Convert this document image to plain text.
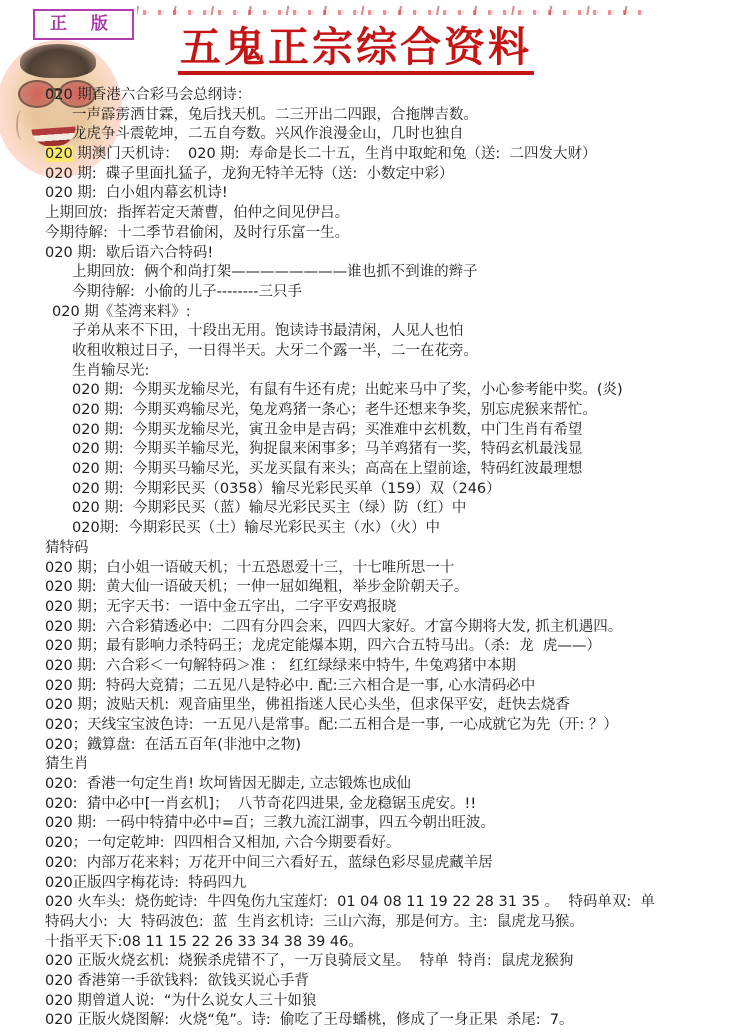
正 版	五鬼正宗综合资料
020 期香港六合彩马会总纲诗：
一声霹雳洒甘霖，兔后找天机。二三开出二四跟，合拖牌吉数。
龙虎争斗震乾坤，二五自夸数。兴风作浪漫金山，几时也独自
020 期澳门天机诗：  020 期:  寿命是长二十五，生肖中取蛇和兔（送:  二四发大财）
020 期:  碟子里面扎猛子，龙狗无特羊无特（送:  小数定中彩）
020 期:  白小姐内幕玄机诗!
上期回放:  指挥若定天萧曹，伯仲之间见伊吕。
今期待解:  十二季节君偷闲，及时行乐富一生。
020 期:  歇后语六合特码!
上期回放:  俩个和尚打架————————谁也抓不到谁的辫子
今期待解:  小偷的儿子--------三只手
020 期《荃湾来料》:
子弟从来不下田，十段出无用。饱读诗书最清闲，人见人也怕
收租收粮过日子，一日得半天。大牙二个露一半，二一在花旁。
生肖输尽光:
020 期:  今期买龙输尽光，有鼠有牛还有虎；出蛇来马中了奖，小心参考能中奖。(炎)
020 期:  今期买鸡输尽光，兔龙鸡猪一条心；老牛还想来争奖，别忘虎猴来帮忙。
020 期:  今期买龙输尽光，寅丑金申是吉码；买准难中玄机数，中门生肖有希望
020 期:  今期买羊输尽光，狗捉鼠来闲事多；马羊鸡猪有一奖，特码玄机最浅显
020 期:  今期买马输尽光，买龙买鼠有来头；高高在上望前途，特码红波最理想
020 期:  今期彩民买（0358）输尽光彩民买单（159）双（246）
020 期:  今期彩民买（蓝）输尽光彩民买主（绿）防（红）中
020期:  今期彩民买（土）输尽光彩民买主（水）（火）中
猜特码
020 期；白小姐一语破天机；十五恐恩爱十三，十七唯所思一十
020 期:  黄大仙一语破天机；一伸一屈如绳粗，举步金阶朝天子。
020 期；无字天书：一语中金五字出，二字平安鸡报晓
020 期:  六合彩猜透必中:  二四有分四会来，四四大家好。才富今期将大发, 抓主机遇四。
020 期；最有影响力杀特码王；龙虎定能爆本期，四六合五特马出。（杀:  龙  虎——）
020 期:  六合彩＜一句解特码＞准 ： 红红绿绿来中特牛, 牛兔鸡猪中本期
020 期:  特码大竞猜；二五见八是特必中. 配:三六相合是一事, 心水清码必中
020 期；波贴天机:  观音庙里坐，佛祖指迷人民心头坐，但求保平安，赶快去烧香
020；天线宝宝波色诗:  一五见八是常事。配:二五相合是一事, 一心成就它为先（开: ？）
020；鐡算盘:  在活五百年(非池中之物)
猜生肖
020:  香港一句定生肖! 坎坷皆因无脚走, 立志锻炼也成仙
020:  猜中必中[一肖玄机]；  八节奇花四进果, 金龙稳锯玉虎安。!!
020 期:  一码中特猜中必中=百；三教九流江湖事，四五今朝出旺波。
020；一句定乾坤:  四四相合又相加, 六合今期要看好。
020:  内部万花来料；万花开中间三六看好五，蓝绿色彩尽显虎藏羊居
020正版四字梅花诗:  特码四九
020 火车头:  烧伤蛇诗:  牛四兔伤九宝莲灯:  01 04 08 11 19 22 28 31 35 。  特码单双:  单
特码大小:  大  特码波色:  蓝  生肖玄机诗:  三山六海，那是何方。主:  鼠虎龙马猴。
十指平天下:08 11 15 22 26 33 34 38 39 46。
020 正版火烧玄机:  烧猴杀虎错不了，一万良骑辰文星。  特单  特肖:  鼠虎龙猴狗
020 香港第一手欲钱料:  欲钱买说心手背
020 期曾道人说:  “为什么说女人三十如狼
020 正版火烧图解:  火烧“兔”。诗:  偷吃了王母蟠桃，修成了一身正果  杀尾:  7。
